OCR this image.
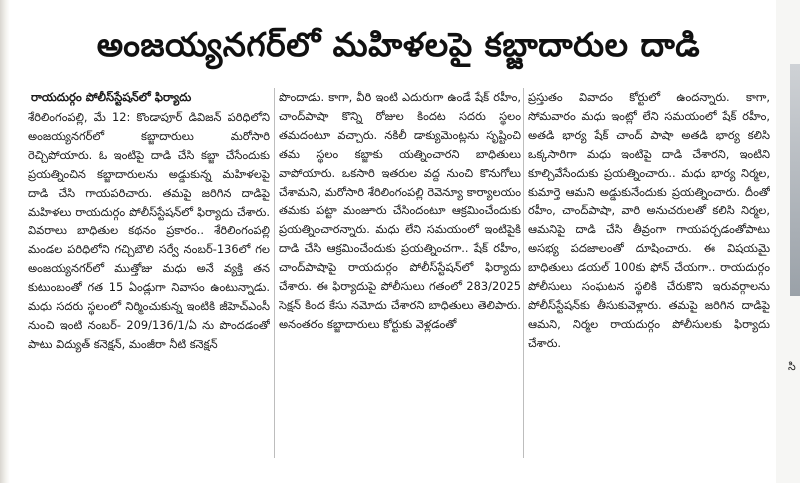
అంజయ్యనగర్‌లో మహిళలపై కబ్జాదారుల దాడి
రాయదుర్గం పోలీస్‌స్టేషన్‌లో ఫిర్యాదు

శేరిలింగంపల్లి, మే 12: కొండాపూర్ డివిజన్ పరిధిలోని అంజయ్యనగర్‌లో కబ్జాదారులు మరోసారి రెచ్చిపోయారు. ఓ ఇంటిపై దాడి చేసి కబ్జా చేసేందుకు ప్రయత్నించిన కబ్జాదారులను అడ్డుకున్న మహిళలపై దాడి చేసి గాయపరిచారు. తమపై జరిగిన దాడిపై మహిళలు రాయదుర్గం పోలీస్‌స్టేషన్‌లో ఫిర్యాదు చేశారు. వివరాలు బాధితుల కథనం ప్రకారం.. శేరిలింగంపల్లి మండల పరిధిలోని గచ్చిబౌలి సర్వే నంబర్-136లో గల అంజయ్యనగర్‌లో ముత్తోజు మధు అనే వ్యక్తి తన కుటుంబంతో గత 15 ఏండ్లుగా నివాసం ఉంటున్నాడు. మధు సదరు స్థలంలో నిర్మించుకున్న ఇంటికి జీహెచ్ఎంసీ నుంచి ఇంటి నంబర్- 209/136/1/ఏ ను పొందడంతో పాటు విద్యుత్ కనెక్షన్, మంజీరా నీటి కనెక్షన్

పొందాడు. కాగా, వీరి ఇంటి ఎదురుగా ఉండే షేక్ రహీం, చాంద్‌పాషా కొన్ని రోజుల కిందట సదరు స్థలం తమదంటూ వచ్చారు. నకిలీ డాక్యుమెంట్లను సృష్టించి తమ స్థలం కబ్జాకు యత్నించారని బాధితులు వాపోయారు. ఒకసారి ఇతరుల వద్ద నుంచి కొనుగోలు చేశామని, మరోసారి శేరిలింగంపల్లి రెవెన్యూ కార్యాలయం తమకు పట్టా మంజూరు చేసిందంటూ ఆక్రమించేందుకు ప్రయత్నించారన్నారు. మధు లేని సమయంలో ఇంటిపైకి దాడి చేసి ఆక్రమించేందుకు ప్రయత్నించగా.. షేక్ రహీం, చాంద్‌పాషాపై రాయదుర్గం పోలీస్‌స్టేషన్‌లో ఫిర్యాదు చేశారు. ఈ ఫిర్యాదుపై పోలీసులు గతంలో 283/2025 సెక్షన్ కింద కేసు నమోదు చేశారని బాధితులు తెలిపారు. అనంతరం కబ్జాదారులు కోర్టుకు వెళ్లడంతో

ప్రస్తుతం వివాదం కోర్టులో ఉందన్నారు. కాగా, సోమవారం మధు ఇంట్లో లేని సమయంలో షేక్ రహీం, అతడి భార్య షేక్ చాంద్ పాషా అతడి భార్య కలిసి ఒక్కసారిగా మధు ఇంటిపై దాడి చేశారని, ఇంటిని కూల్చివేసేందుకు ప్రయత్నించారు.. మధు భార్య నిర్మల, కుమార్తె ఆమని అడ్డుకునేందుకు ప్రయత్నించారు. దీంతో రహీం, చాంద్‌పాషా, వారి అనుచరులతో కలిసి నిర్మల, ఆమనిపై దాడి చేసి తీవ్రంగా గాయపర్చడంతోపాటు అసభ్య పదజాలంతో దూషించారు. ఈ విషయమై బాధితులు డయల్ 100కు ఫోన్ చేయగా.. రాయదుర్గం పోలీసులు సంఘటన స్థలికి చేరుకొని ఇరువర్గాలను పోలీస్‌స్టేషన్‌కు తీసుకువెళ్లారు. తమపై జరిగిన దాడిపై ఆమని, నిర్మల రాయదుర్గం పోలీసులకు ఫిర్యాదు చేశారు.

సి
